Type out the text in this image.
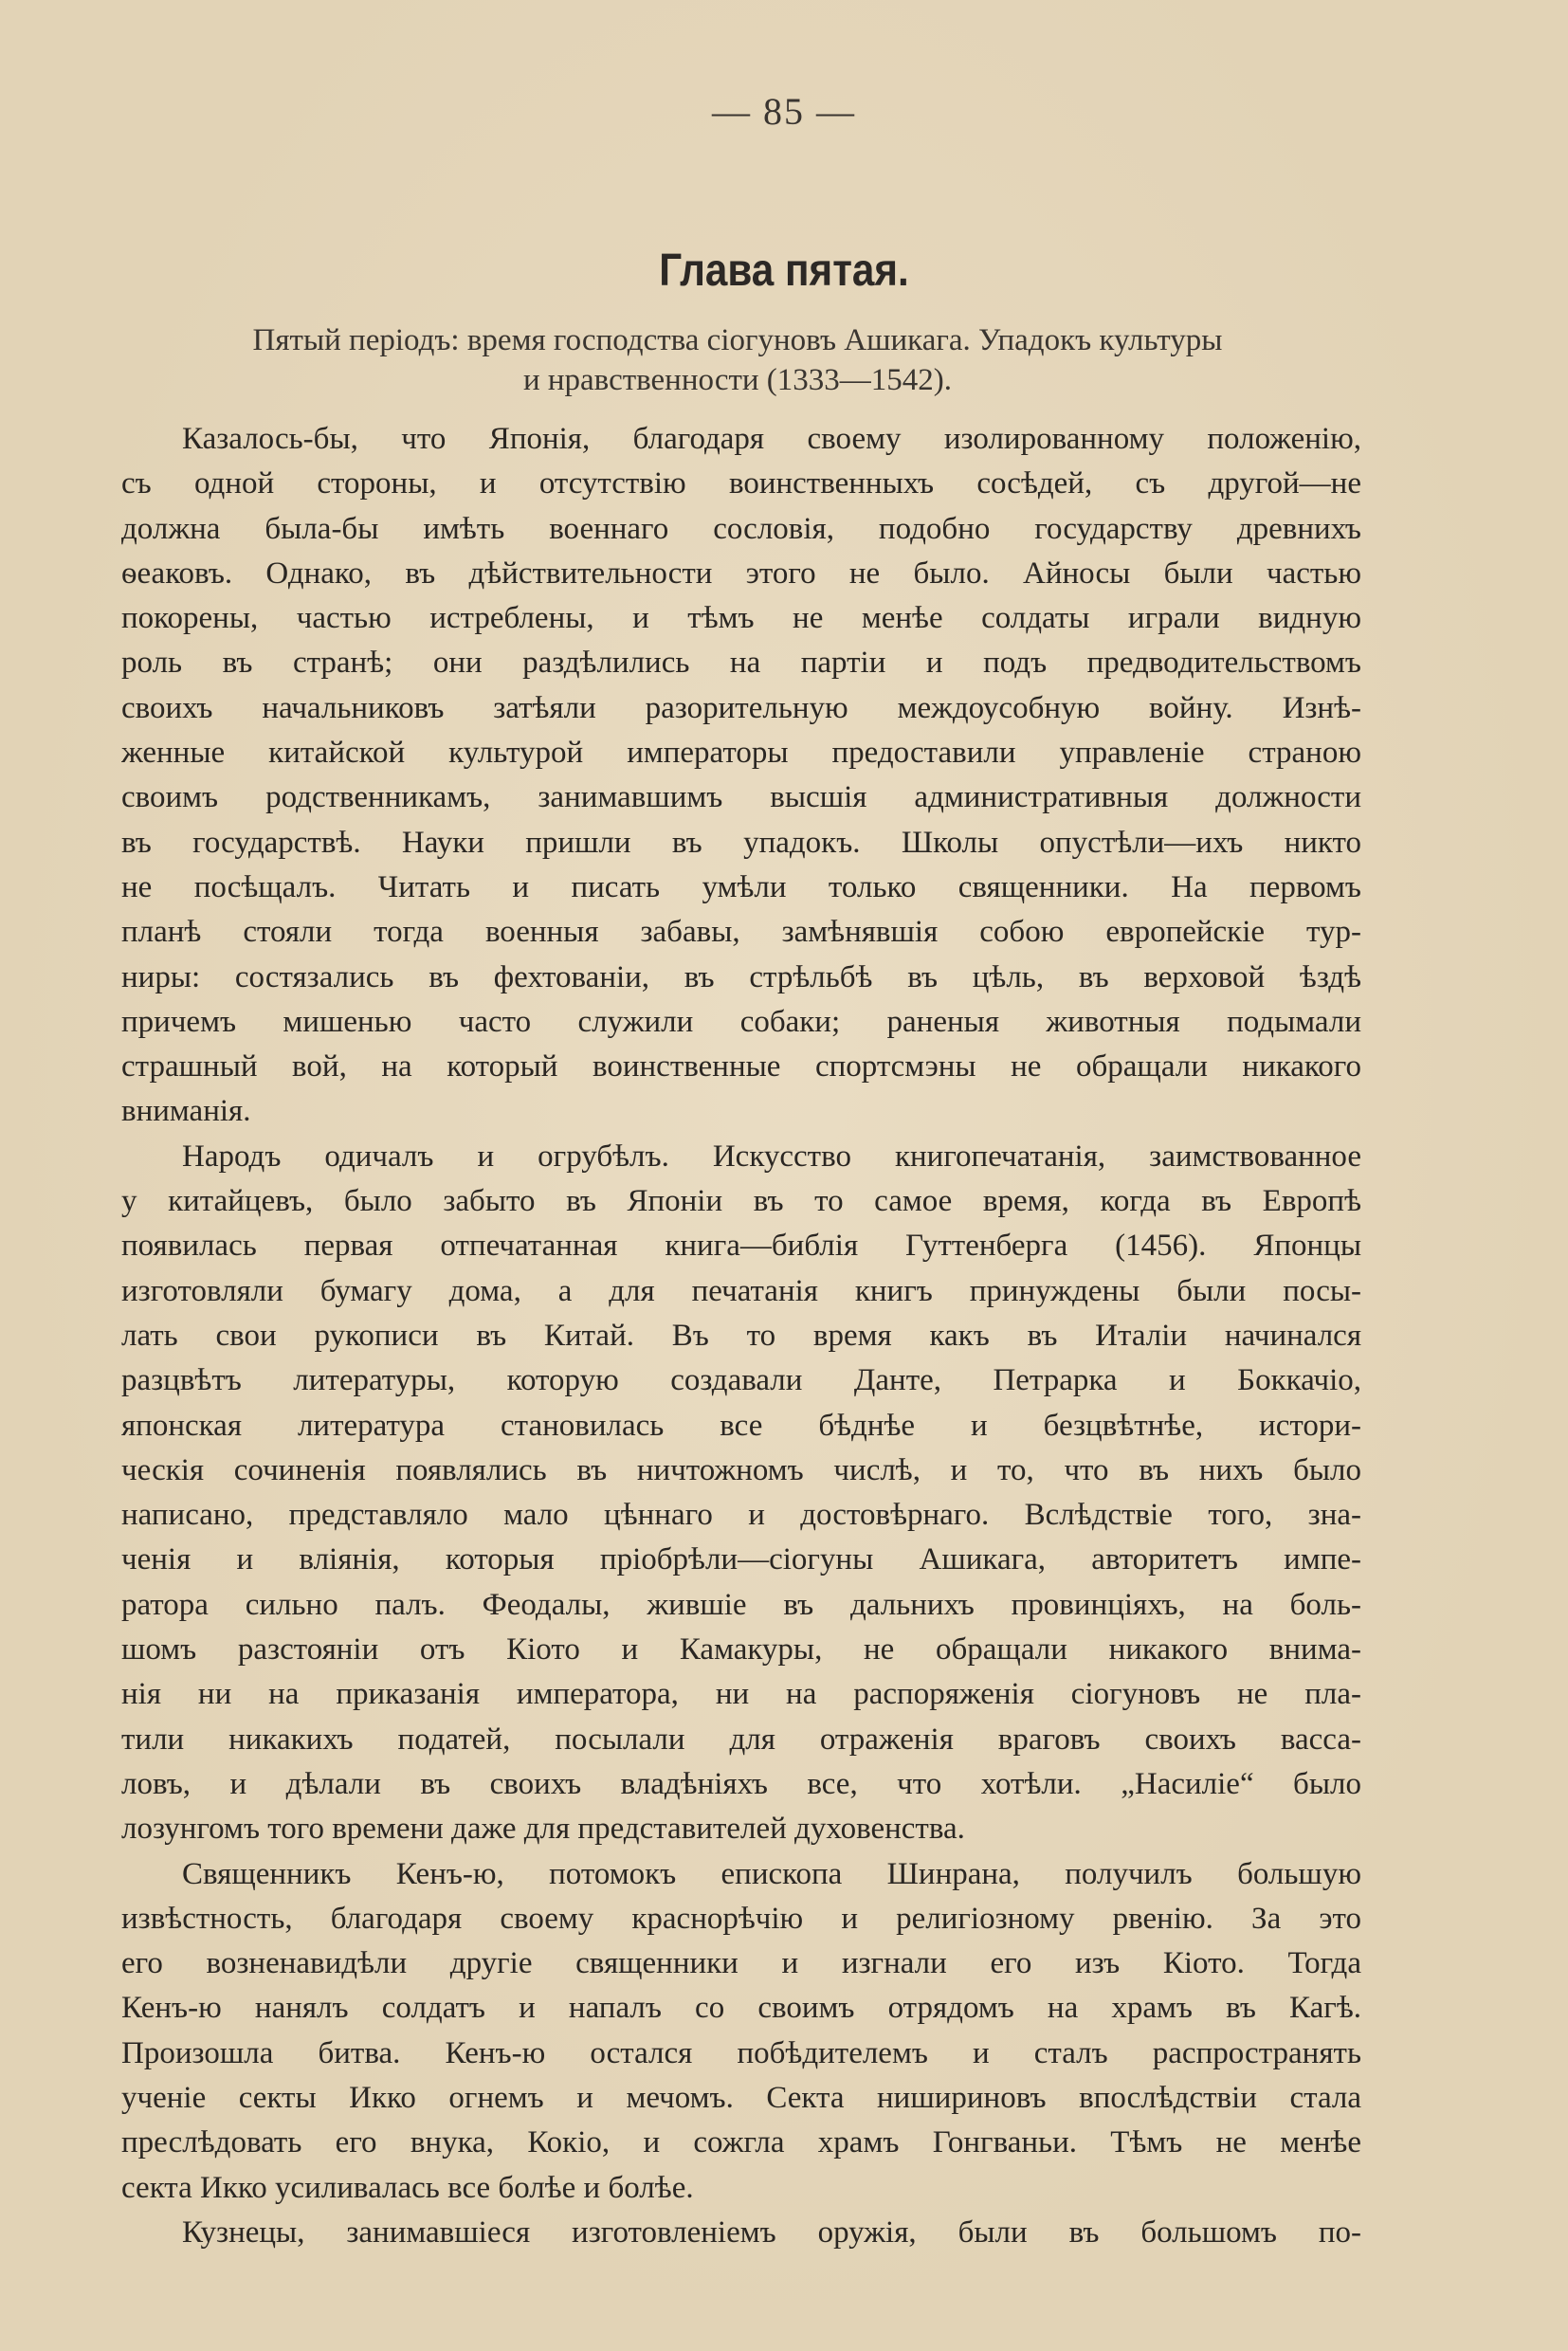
— 85 —
Глава пятая.
Пятый періодъ: время господства сіогуновъ Ашикага. Упадокъ культуры
и нравственности (1333—1542).
Казалось-бы, что Японія, благодаря своему изолированному положенію,
съ одной стороны, и отсутствію воинственныхъ сосѣдей, съ другой—не
должна была-бы имѣть военнаго сословія, подобно государству древнихъ
ѳеаковъ. Однако, въ дѣйствительности этого не было. Айносы были частью
покорены, частью истреблены, и тѣмъ не менѣе солдаты играли видную
роль въ странѣ; они раздѣлились на партіи и подъ предводительствомъ
своихъ начальниковъ затѣяли разорительную междоусобную войну. Изнѣ-
женные китайской культурой императоры предоставили управленіе страною
своимъ родственникамъ, занимавшимъ высшія административныя должности
въ государствѣ. Науки пришли въ упадокъ. Школы опустѣли—ихъ никто
не посѣщалъ. Читать и писать умѣли только священники. На первомъ
планѣ стояли тогда военныя забавы, замѣнявшія собою европейскіе тур-
ниры: состязались въ фехтованіи, въ стрѣльбѣ въ цѣль, въ верховой ѣздѣ
причемъ мишенью часто служили собаки; раненыя животныя подымали
страшный вой, на который воинственные спортсмэны не обращали никакого
вниманія.
Народъ одичалъ и огрубѣлъ. Искусство книгопечатанія, заимствованное
у китайцевъ, было забыто въ Японіи въ то самое время, когда въ Европѣ
появилась первая отпечатанная книга—библія Гуттенберга (1456). Японцы
изготовляли бумагу дома, а для печатанія книгъ принуждены были посы-
лать свои рукописи въ Китай. Въ то время какъ въ Италіи начинался
разцвѣтъ литературы, которую создавали Данте, Петрарка и Боккачіо,
японская литература становилась все бѣднѣе и безцвѣтнѣе, истори-
ческія сочиненія появлялись въ ничтожномъ числѣ, и то, что въ нихъ было
написано, представляло мало цѣннаго и достовѣрнаго. Вслѣдствіе того, зна-
ченія и вліянія, которыя пріобрѣли—сіогуны Ашикага, авторитетъ импе-
ратора сильно палъ. Феодалы, жившіе въ дальнихъ провинціяхъ, на боль-
шомъ разстояніи отъ Кіото и Камакуры, не обращали никакого внима-
нія ни на приказанія императора, ни на распоряженія сіогуновъ не пла-
тили никакихъ податей, посылали для отраженія враговъ своихъ васса-
ловъ, и дѣлали въ своихъ владѣніяхъ все, что хотѣли. „Насиліе“ было
лозунгомъ того времени даже для представителей духовенства.
Священникъ Кенъ-ю, потомокъ епископа Шинрана, получилъ большую
извѣстность, благодаря своему краснорѣчію и религіозному рвенію. За это
его возненавидѣли другіе священники и изгнали его изъ Кіото. Тогда
Кенъ-ю нанялъ солдатъ и напалъ со своимъ отрядомъ на храмъ въ Кагѣ.
Произошла битва. Кенъ-ю остался побѣдителемъ и сталъ распространять
ученіе секты Икко огнемъ и мечомъ. Секта нишириновъ впослѣдствіи стала
преслѣдовать его внука, Кокіо, и сожгла храмъ Гонгваньи. Тѣмъ не менѣе
секта Икко усиливалась все болѣе и болѣе.
Кузнецы, занимавшіеся изготовленіемъ оружія, были въ большомъ по-
